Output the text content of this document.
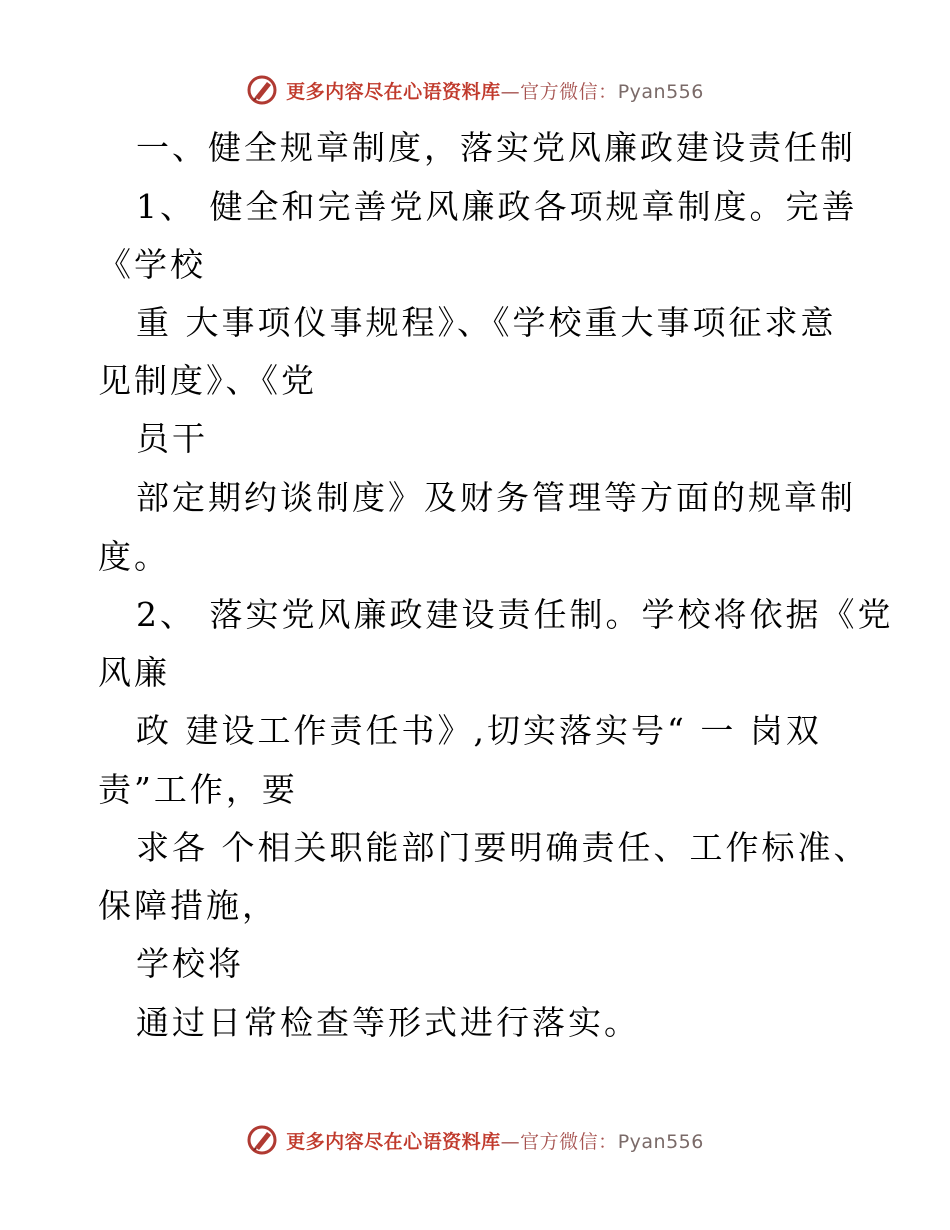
更多内容尽在心语资料库—官方微信：Pyan556
一、健全规章制度，落实党风廉政建设责任制
1、 健全和完善党风廉政各项规章制度。完善
《学校
重 大事项仪事规程》、《学校重大事项征求意
见制度》、《党
员干
部定期约谈制度》及财务管理等方面的规章制
度。
2、 落实党风廉政建设责任制。学校将依据《党
风廉
政 建设工作责任书》,切实落实号“ 一 岗双
责”工作，要
求各 个相关职能部门要明确责任、工作标准、
保障措施，
学校将
通过日常检查等形式进行落实。
更多内容尽在心语资料库—官方微信：Pyan556
